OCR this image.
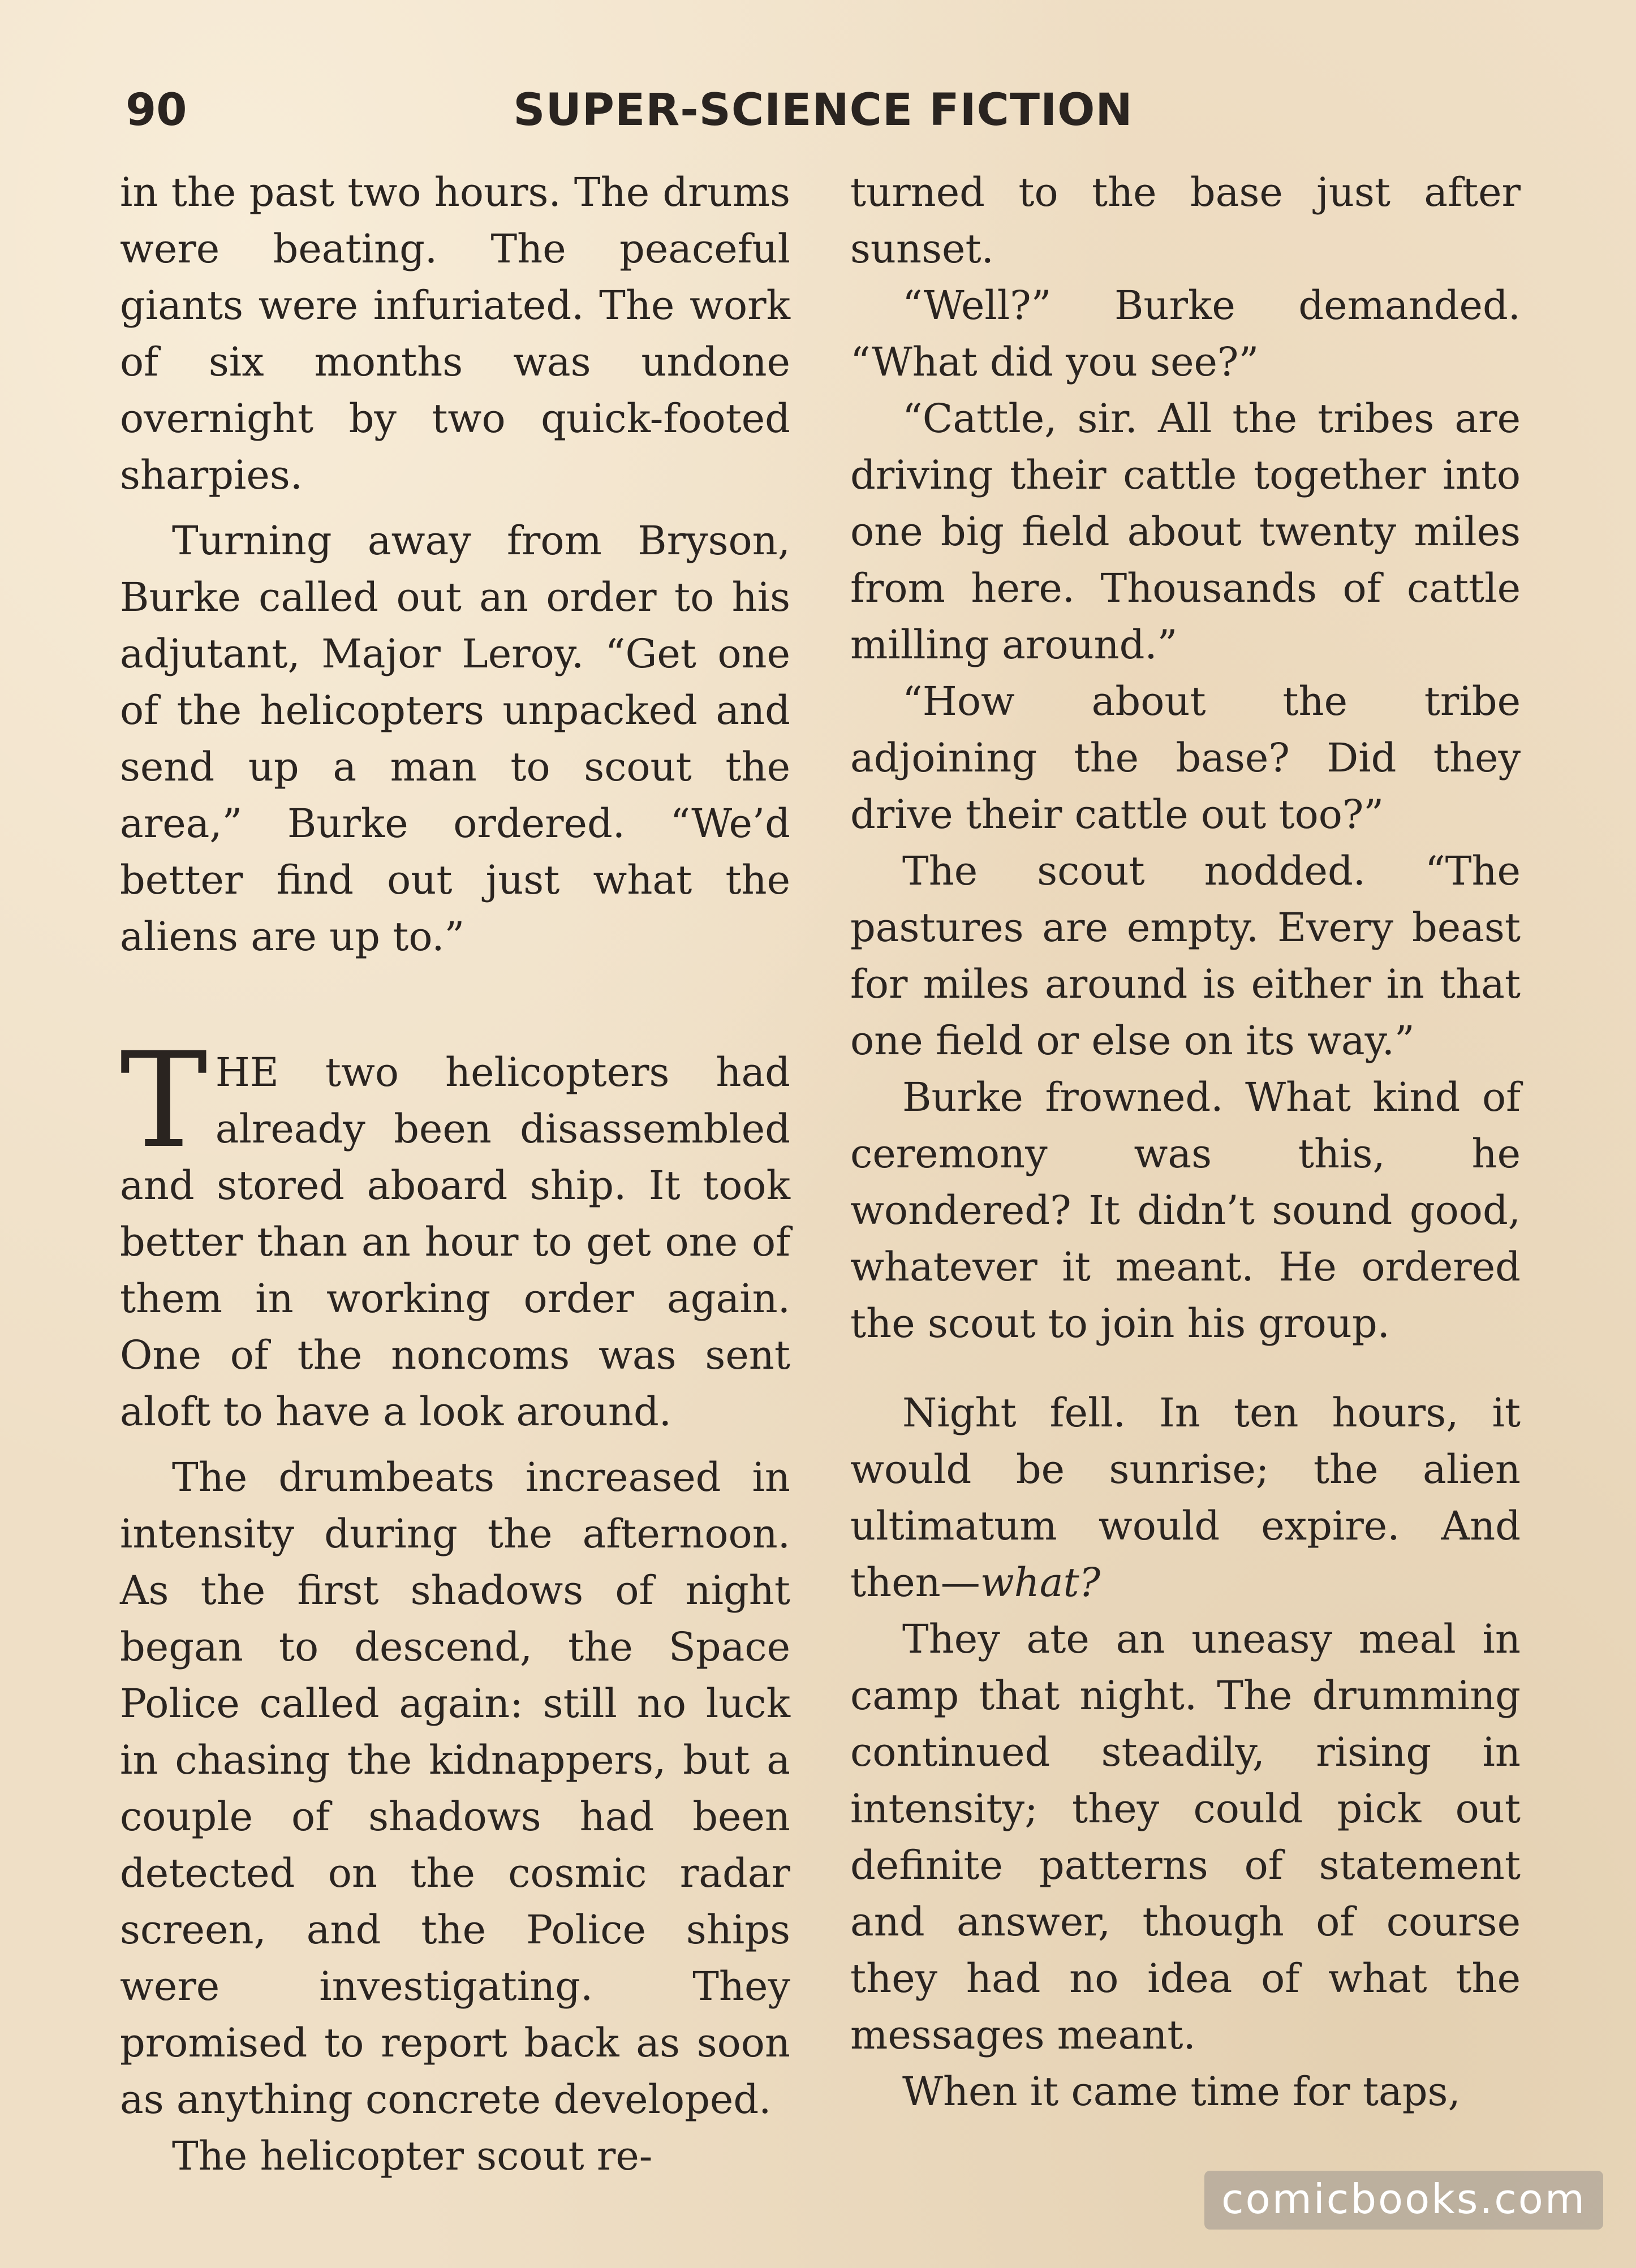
90	SUPER-SCIENCE FICTION

in the past two hours. The drums were beating. The peaceful giants were infuriated. The work of six months was undone overnight by two quick-footed sharpies.

Turning away from Bryson, Burke called out an order to his adjutant, Major Leroy. “Get one of the helicopters unpacked and send up a man to scout the area,” Burke ordered. “We’d better find out just what the aliens are up to.”

THE two helicopters had already been disassembled and stored aboard ship. It took better than an hour to get one of them in working order again. One of the noncoms was sent aloft to have a look around.

The drumbeats increased in intensity during the afternoon. As the first shadows of night began to descend, the Space Police called again: still no luck in chasing the kidnappers, but a couple of shadows had been detected on the cosmic radar screen, and the Police ships were investigating. They promised to report back as soon as anything concrete developed.

The helicopter scout re-

turned to the base just after sunset.

“Well?” Burke demanded. “What did you see?”

“Cattle, sir. All the tribes are driving their cattle together into one big field about twenty miles from here. Thousands of cattle milling around.”

“How about the tribe adjoining the base? Did they drive their cattle out too?”

The scout nodded. “The pastures are empty. Every beast for miles around is either in that one field or else on its way.”

Burke frowned. What kind of ceremony was this, he wondered? It didn’t sound good, whatever it meant. He ordered the scout to join his group.

Night fell. In ten hours, it would be sunrise; the alien ultimatum would expire. And then—what?

They ate an uneasy meal in camp that night. The drumming continued steadily, rising in intensity; they could pick out definite patterns of statement and answer, though of course they had no idea of what the messages meant.

When it came time for taps,

comicbooks.com
